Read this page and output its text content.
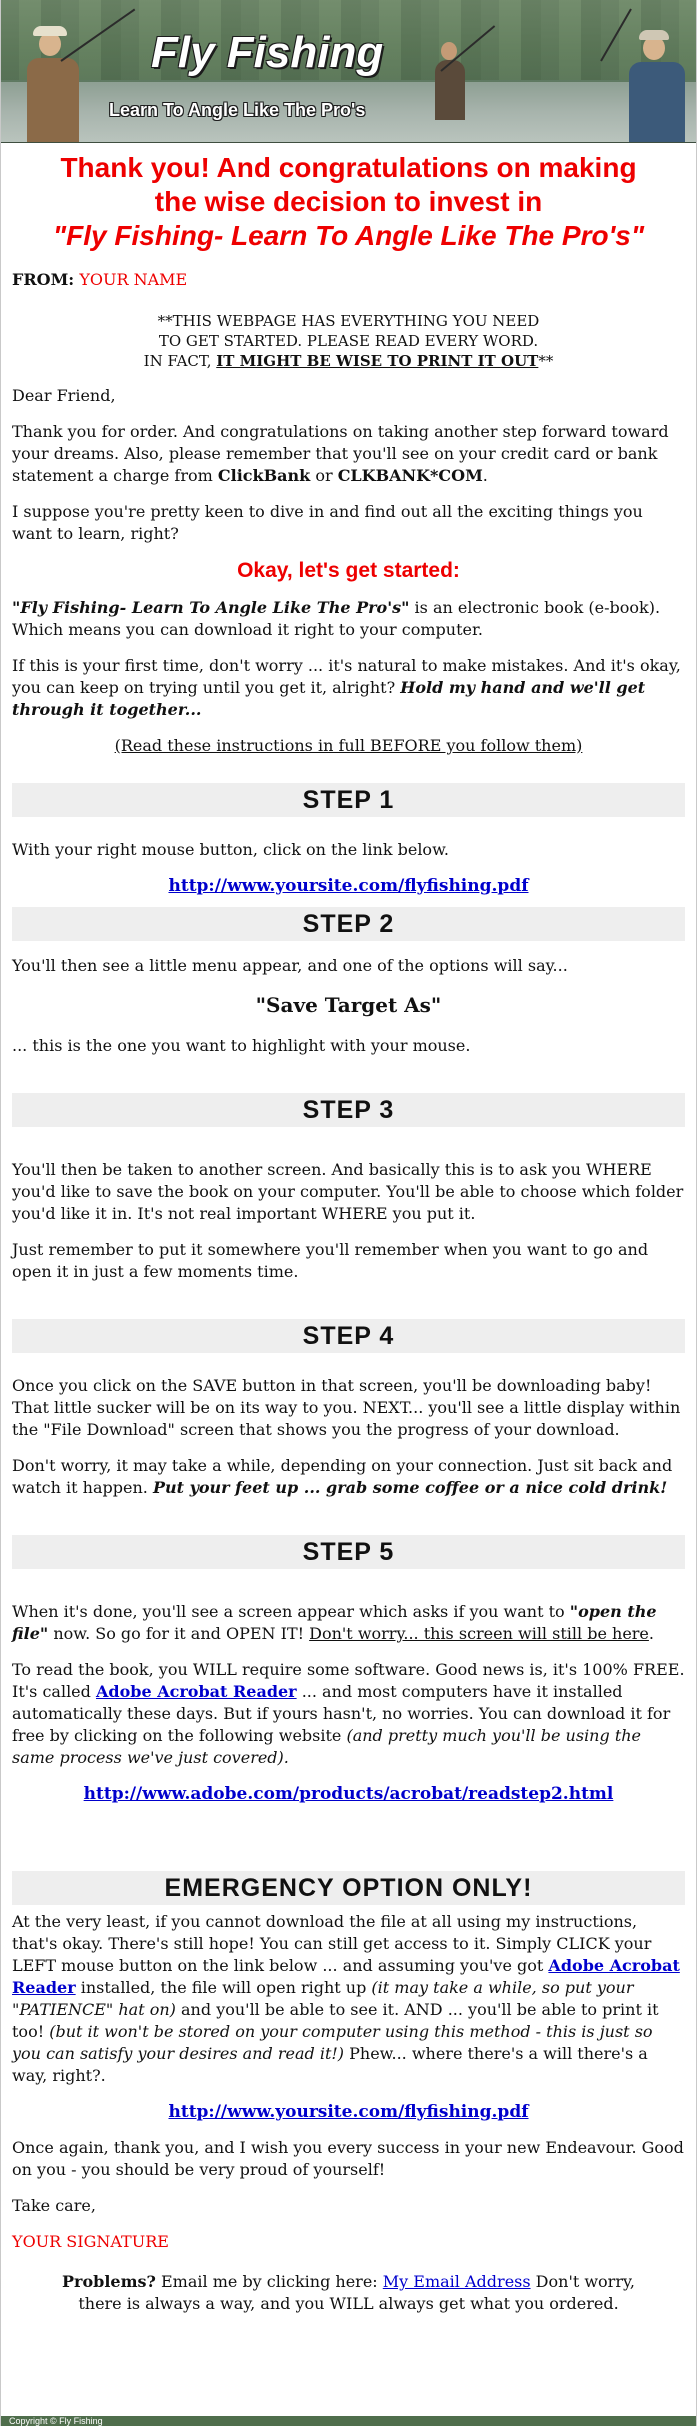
Fly Fishing
Learn To Angle Like The Pro's
Thank you! And congratulations on making
the wise decision to invest in
"Fly Fishing- Learn To Angle Like The Pro's"

FROM: YOUR NAME

**THIS WEBPAGE HAS EVERYTHING YOU NEED
TO GET STARTED. PLEASE READ EVERY WORD.
IN FACT, IT MIGHT BE WISE TO PRINT IT OUT**

Dear Friend,

Thank you for order. And congratulations on taking another step forward toward your dreams. Also, please remember that you'll see on your credit card or bank statement a charge from ClickBank or CLKBANK*COM.

I suppose you're pretty keen to dive in and find out all the exciting things you want to learn, right?

Okay, let's get started:

"Fly Fishing- Learn To Angle Like The Pro's" is an electronic book (e-book). Which means you can download it right to your computer.

If this is your first time, don't worry ... it's natural to make mistakes. And it's okay, you can keep on trying until you get it, alright? Hold my hand and we'll get through it together...

(Read these instructions in full BEFORE you follow them)

STEP 1

With your right mouse button, click on the link below.

http://www.yoursite.com/flyfishing.pdf

STEP 2

You'll then see a little menu appear, and one of the options will say...

"Save Target As"

... this is the one you want to highlight with your mouse.

STEP 3

You'll then be taken to another screen. And basically this is to ask you WHERE you'd like to save the book on your computer. You'll be able to choose which folder you'd like it in. It's not real important WHERE you put it.

Just remember to put it somewhere you'll remember when you want to go and open it in just a few moments time.

STEP 4

Once you click on the SAVE button in that screen, you'll be downloading baby! That little sucker will be on its way to you. NEXT... you'll see a little display within the "File Download" screen that shows you the progress of your download.

Don't worry, it may take a while, depending on your connection. Just sit back and watch it happen. Put your feet up ... grab some coffee or a nice cold drink!

STEP 5

When it's done, you'll see a screen appear which asks if you want to "open the file" now. So go for it and OPEN IT! Don't worry... this screen will still be here.

To read the book, you WILL require some software. Good news is, it's 100% FREE. It's called Adobe Acrobat Reader ... and most computers have it installed automatically these days. But if yours hasn't, no worries. You can download it for free by clicking on the following website (and pretty much you'll be using the same process we've just covered).

http://www.adobe.com/products/acrobat/readstep2.html

EMERGENCY OPTION ONLY!

At the very least, if you cannot download the file at all using my instructions, that's okay. There's still hope! You can still get access to it. Simply CLICK your LEFT mouse button on the link below ... and assuming you've got Adobe Acrobat Reader installed, the file will open right up (it may take a while, so put your "PATIENCE" hat on) and you'll be able to see it. AND ... you'll be able to print it too! (but it won't be stored on your computer using this method - this is just so you can satisfy your desires and read it!) Phew... where there's a will there's a way, right?.

http://www.yoursite.com/flyfishing.pdf

Once again, thank you, and I wish you every success in your new Endeavour. Good on you - you should be very proud of yourself!

Take care,

YOUR SIGNATURE

Problems? Email me by clicking here: My Email Address Don't worry,
there is always a way, and you WILL always get what you ordered.

Copyright © Fly Fishing
